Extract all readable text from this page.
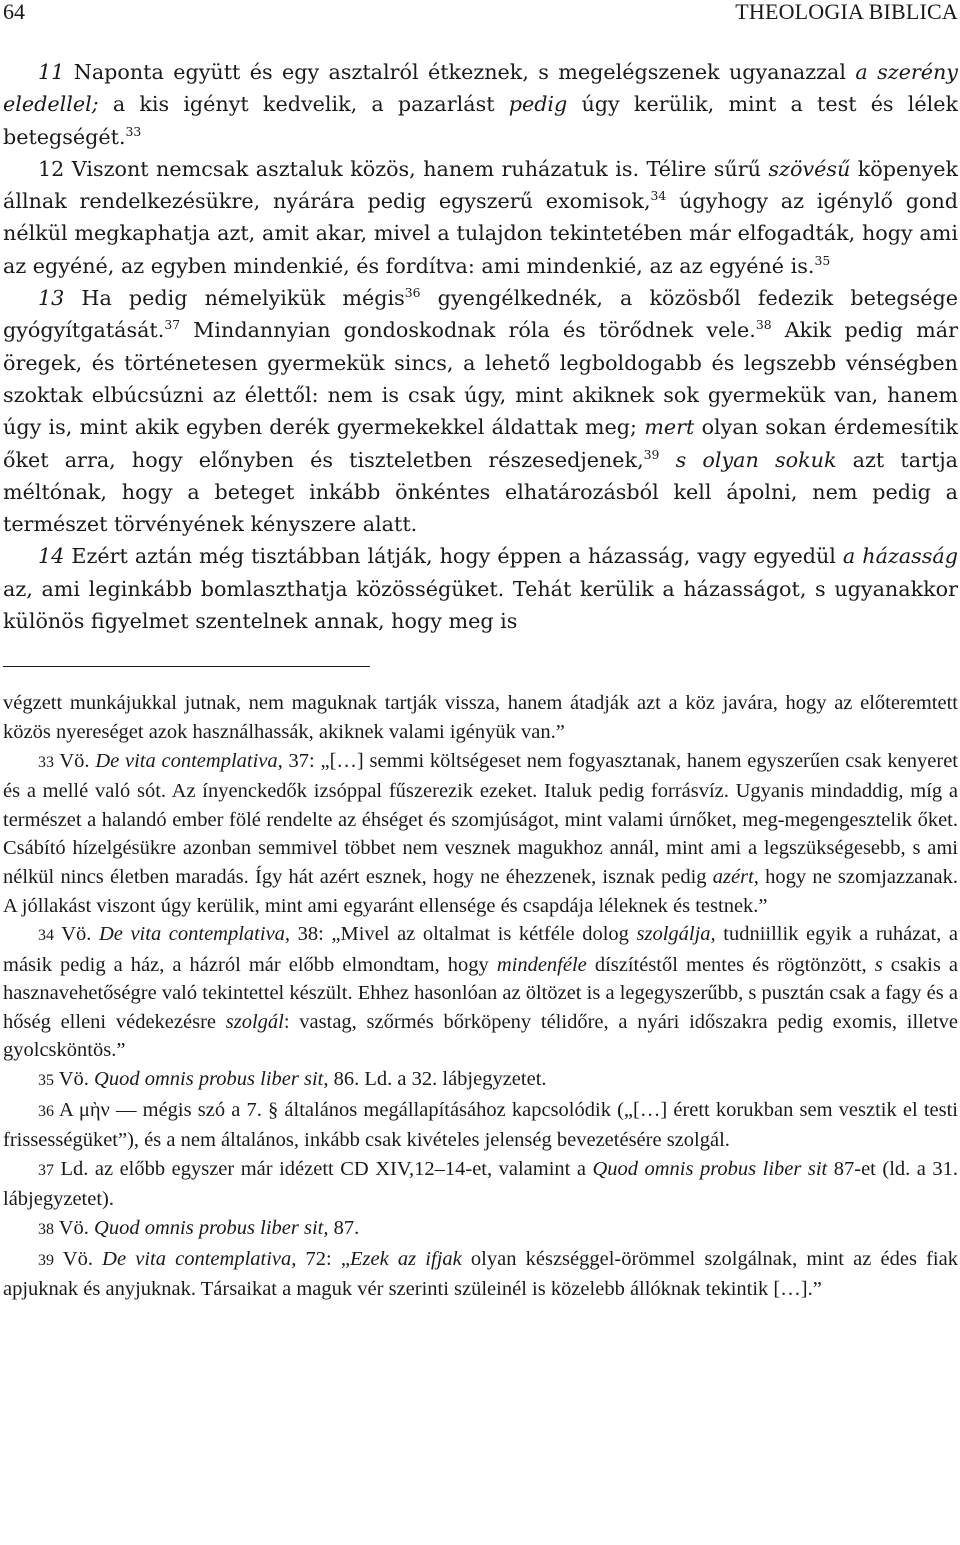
64	THEOLOGIA BIBLICA

11 Naponta együtt és egy asztalról étkeznek, s megelégszenek ugyanazzal a szerény eledellel; a kis igényt kedvelik, a pazarlást pedig úgy kerülik, mint a test és lélek betegségét.$^{33}$

12 Viszont nemcsak asztaluk közös, hanem ruházatuk is. Télire sűrű szövésű köpenyek állnak rendelkezésükre, nyárára pedig egyszerű exomisok,$^{34}$ úgyhogy az igénylő gond nélkül megkaphatja azt, amit akar, mivel a tulajdon tekintetében már elfogadták, hogy ami az egyéné, az egyben mindenkié, és fordítva: ami mindenkié, az az egyéné is.$^{35}$

13 Ha pedig némelyikük mégis$^{36}$ gyengélkednék, a közösből fedezik betegsége gyógyítgatását.$^{37}$ Mindannyian gondoskodnak róla és törődnek vele.$^{38}$ Akik pedig már öregek, és történetesen gyermekük sincs, a lehető legboldogabb és legszebb vénségben szoktak elbúcsúzni az élettől: nem is csak úgy, mint akiknek sok gyermekük van, hanem úgy is, mint akik egyben derék gyermekekkel áldattak meg; mert olyan sokan érdemesítik őket arra, hogy előnyben és tiszteletben részesedjenek,$^{39}$ s olyan sokuk azt tartja méltónak, hogy a beteget inkább önkéntes elhatározásból kell ápolni, nem pedig a természet törvényének kényszere alatt.

14 Ezért aztán még tisztábban látják, hogy éppen a házasság, vagy egyedül a házasság az, ami leginkább bomlaszthatja közösségüket. Tehát kerülik a házasságot, s ugyanakkor különös figyelmet szentelnek annak, hogy meg is

végzett munkájukkal jutnak, nem maguknak tartják vissza, hanem átadják azt a köz javára, hogy az előteremtett közös nyereséget azok használhassák, akiknek valami igényük van.”

33 Vö. De vita contemplativa, 37: „[…] semmi költségeset nem fogyasztanak, hanem egyszerűen csak kenyeret és a mellé való sót. Az ínyenckedők izsóppal fűszerezik ezeket. Italuk pedig forrásvíz. Ugyanis mindaddig, míg a természet a halandó ember fölé rendelte az éhséget és szomjúságot, mint valami úrnőket, meg-megengesztelik őket. Csábító hízelgésükre azonban semmivel többet nem vesznek magukhoz annál, mint ami a legszükségesebb, s ami nélkül nincs életben maradás. Így hát azért esznek, hogy ne éhezzenek, isznak pedig azért, hogy ne szomjazzanak. A jóllakást viszont úgy kerülik, mint ami egyaránt ellensége és csapdája léleknek és testnek.”

34 Vö. De vita contemplativa, 38: „Mivel az oltalmat is kétféle dolog szolgálja, tudniillik egyik a ruházat, a másik pedig a ház, a házról már előbb elmondtam, hogy mindenféle díszítéstől mentes és rögtönzött, s csakis a hasznavehetőségre való tekintettel készült. Ehhez hasonlóan az öltözet is a legegyszerűbb, s pusztán csak a fagy és a hőség elleni védekezésre szolgál: vastag, szőrmés bőrköpeny télidőre, a nyári időszakra pedig exomis, illetve gyolcsköntös.”

35 Vö. Quod omnis probus liber sit, 86. Ld. a 32. lábjegyzetet.

36 A μὴν — mégis szó a 7. § általános megállapításához kapcsolódik („[…] érett korukban sem vesztik el testi frissességüket”), és a nem általános, inkább csak kivételes jelenség bevezetésére szolgál.

37 Ld. az előbb egyszer már idézett CD XIV,12–14-et, valamint a Quod omnis probus liber sit 87-et (ld. a 31. lábjegyzetet).

38 Vö. Quod omnis probus liber sit, 87.

39 Vö. De vita contemplativa, 72: „Ezek az ifjak olyan készséggel-örömmel szolgálnak, mint az édes fiak apjuknak és anyjuknak. Társaikat a maguk vér szerinti szüleinél is közelebb állóknak tekintik […].”
